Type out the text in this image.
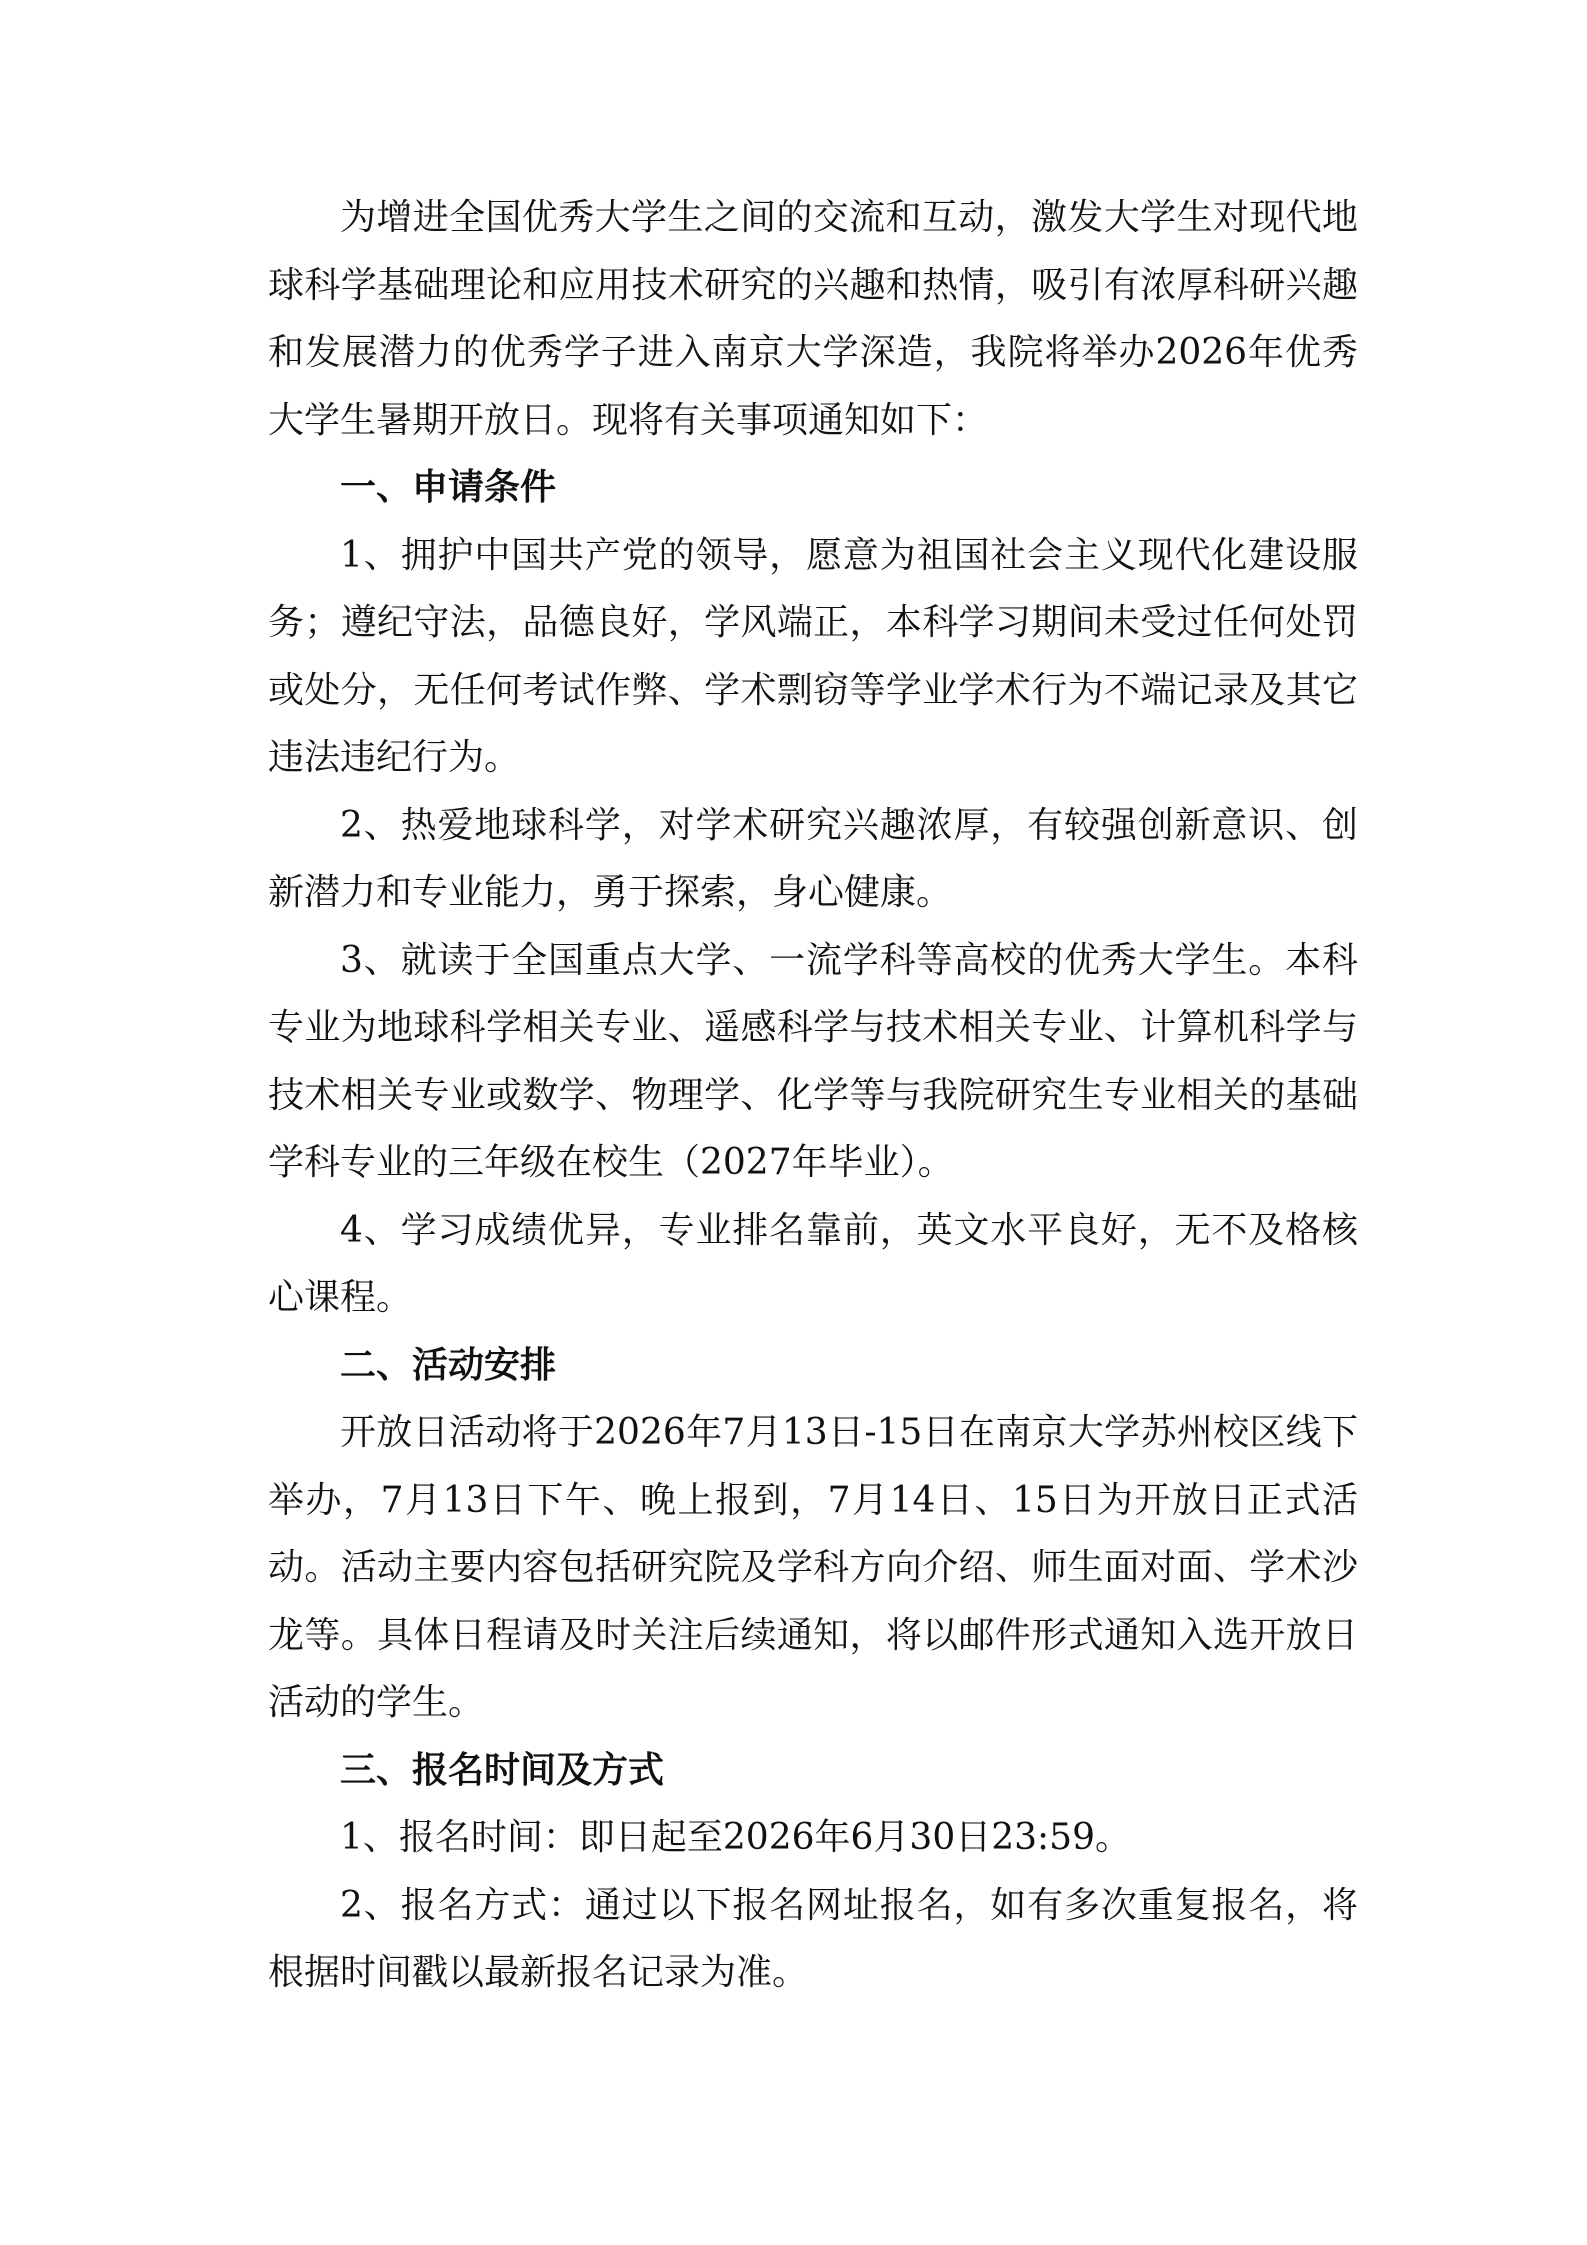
为增进全国优秀大学生之间的交流和互动，激发大学生对现代地球科学基础理论和应用技术研究的兴趣和热情，吸引有浓厚科研兴趣和发展潜力的优秀学子进入南京大学深造，我院将举办2026年优秀大学生暑期开放日。现将有关事项通知如下：

一、申请条件

1、拥护中国共产党的领导，愿意为祖国社会主义现代化建设服务；遵纪守法，品德良好，学风端正，本科学习期间未受过任何处罚或处分，无任何考试作弊、学术剽窃等学业学术行为不端记录及其它违法违纪行为。

2、热爱地球科学，对学术研究兴趣浓厚，有较强创新意识、创新潜力和专业能力，勇于探索，身心健康。

3、就读于全国重点大学、一流学科等高校的优秀大学生。本科专业为地球科学相关专业、遥感科学与技术相关专业、计算机科学与技术相关专业或数学、物理学、化学等与我院研究生专业相关的基础学科专业的三年级在校生（2027年毕业）。

4、学习成绩优异，专业排名靠前，英文水平良好，无不及格核心课程。

二、活动安排

开放日活动将于2026年7月13日-15日在南京大学苏州校区线下举办，7月13日下午、晚上报到，7月14日、15日为开放日正式活动。活动主要内容包括研究院及学科方向介绍、师生面对面、学术沙龙等。具体日程请及时关注后续通知，将以邮件形式通知入选开放日活动的学生。

三、报名时间及方式

1、报名时间：即日起至2026年6月30日23:59。

2、报名方式：通过以下报名网址报名，如有多次重复报名，将根据时间戳以最新报名记录为准。
